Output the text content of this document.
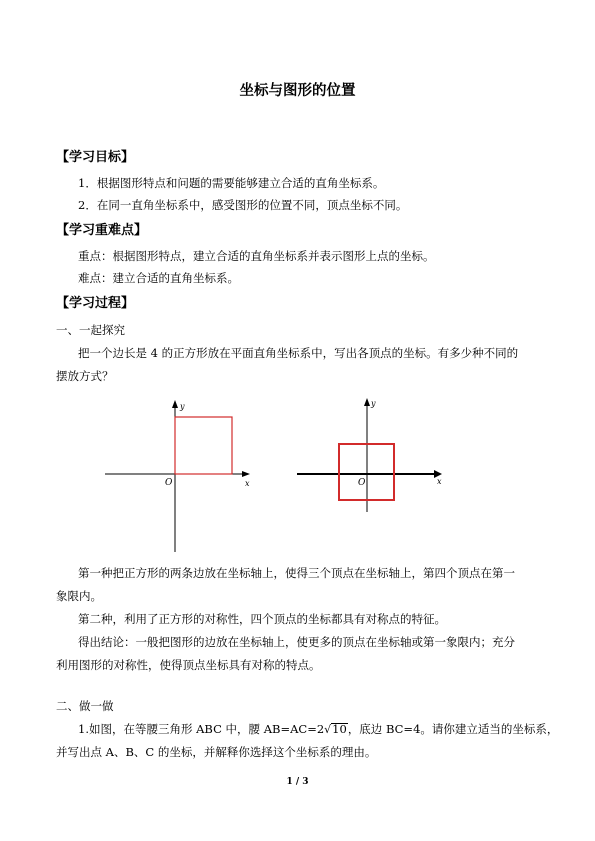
坐标与图形的位置
【学习目标】
1．根据图形特点和问题的需要能够建立合适的直角坐标系。
2．在同一直角坐标系中，感受图形的位置不同，顶点坐标不同。
【学习重难点】
重点：根据图形特点，建立合适的直角坐标系并表示图形上点的坐标。
难点：建立合适的直角坐标系。
【学习过程】
一、一起探究
把一个边长是 4 的正方形放在平面直角坐标系中，写出各顶点的坐标。有多少种不同的
摆放方式？
y
x
O
y
x
O
第一种把正方形的两条边放在坐标轴上，使得三个顶点在坐标轴上，第四个顶点在第一
象限内。
第二种，利用了正方形的对称性，四个顶点的坐标都具有对称点的特征。
得出结论：一般把图形的边放在坐标轴上，使更多的顶点在坐标轴或第一象限内；充分
利用图形的对称性，使得顶点坐标具有对称的特点。
二、做一做
1.如图，在等腰三角形 ABC 中，腰 AB=AC=2√10，底边 BC=4。请你建立适当的坐标系，
并写出点 A、B、C 的坐标，并解释你选择这个坐标系的理由。
1 / 3
